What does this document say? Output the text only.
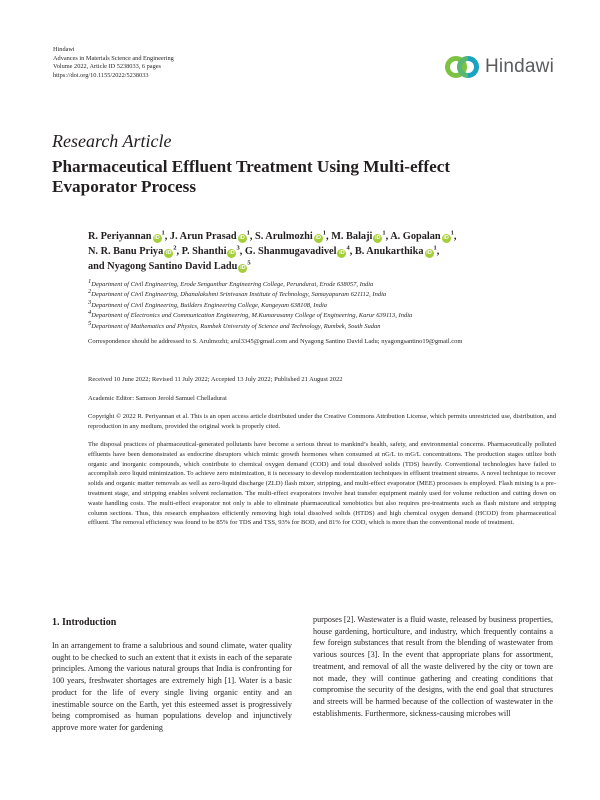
Hindawi
Advances in Materials Science and Engineering
Volume 2022, Article ID 5238033, 6 pages
https://doi.org/10.1155/2022/5238033	Hindawi
Research Article
Pharmaceutical Effluent Treatment Using Multi-effect Evaporator Process
R. Periyannan $iD^1$, J. Arun Prasad $iD^1$, S. Arulmozhi $iD^1$, M. Balaji $iD^1$, A. Gopalan $iD^1$,
N. R. Banu Priya $iD^2$, P. Shanthi $iD^3$, G. Shanmugavadivel $iD^4$, B. Anukarthika $iD^1$,
and Nyagong Santino David Ladu $iD^5$
$^1$Department of Civil Engineering, Erode Sengunthar Engineering College, Perundurai, Erode 638057, India
$^2$Department of Civil Engineering, Dhanalakshmi Srinivasan Institute of Technology, Samayapuram 621112, India
$^3$Department of Civil Engineering, Builders Engineering College, Kangeyam 638108, India
$^4$Department of Electronics and Communication Engineering, M.Kumarasamy College of Engineering, Karur 639113, India
$^5$Department of Mathematics and Physics, Rumbek University of Science and Technology, Rumbek, South Sudan
Correspondence should be addressed to S. Arulmozhi; arul3345@gmail.com and Nyagong Santino David Ladu; nyagongsantino19@gmail.com
Received 10 June 2022; Revised 11 July 2022; Accepted 13 July 2022; Published 21 August 2022
Academic Editor: Samson Jerold Samuel Chelladurai
Copyright © 2022 R. Periyannan et al. This is an open access article distributed under the Creative Commons Attribution License, which permits unrestricted use, distribution, and reproduction in any medium, provided the original work is properly cited.
The disposal practices of pharmaceutical-generated pollutants have become a serious threat to mankind’s health, safety, and environmental concerns. Pharmaceutically polluted effluents have been demonstrated as endocrine disruptors which mimic growth hormones when consumed at nG/L to mG/L concentrations. The production stages utilize both organic and inorganic compounds, which contribute to chemical oxygen demand (COD) and total dissolved solids (TDS) heavily. Conventional technologies have failed to accomplish zero liquid minimization. To achieve zero minimization, it is necessary to develop modernization techniques in effluent treatment streams. A novel technique to recover solids and organic matter removals as well as zero-liquid discharge (ZLD) flash mixer, stripping, and multi-effect evaporator (MEE) processes is employed. Flash mixing is a pre-treatment stage, and stripping enables solvent reclamation. The multi-effect evaporators involve heat transfer equipment mainly used for volume reduction and cutting down on waste handling costs. The multi-effect evaporator not only is able to eliminate pharmaceutical xenobiotics but also requires pre-treatments such as flash mixture and stripping column sections. Thus, this research emphasizes efficiently removing high total dissolved solids (HTDS) and high chemical oxygen demand (HCOD) from pharmaceutical effluent. The removal efficiency was found to be 85% for TDS and TSS, 93% for BOD, and 81% for COD, which is more than the conventional mode of treatment.
1. Introduction
In an arrangement to frame a salubrious and sound climate, water quality ought to be checked to such an extent that it exists in each of the separate principles. Among the various natural groups that India is confronting for 100 years, freshwater shortages are extremely high [1]. Water is a basic product for the life of every single living organic entity and an inestimable source on the Earth, yet this esteemed asset is progressively being compromised as human populations develop and injunctively approve more water for gardening
purposes [2]. Wastewater is a fluid waste, released by business properties, house gardening, horticulture, and industry, which frequently contains a few foreign substances that result from the blending of wastewater from various sources [3]. In the event that appropriate plans for assortment, treatment, and removal of all the waste delivered by the city or town are not made, they will continue gathering and creating conditions that compromise the security of the designs, with the end goal that structures and streets will be harmed because of the collection of wastewater in the establishments. Furthermore, sickness-causing microbes will
